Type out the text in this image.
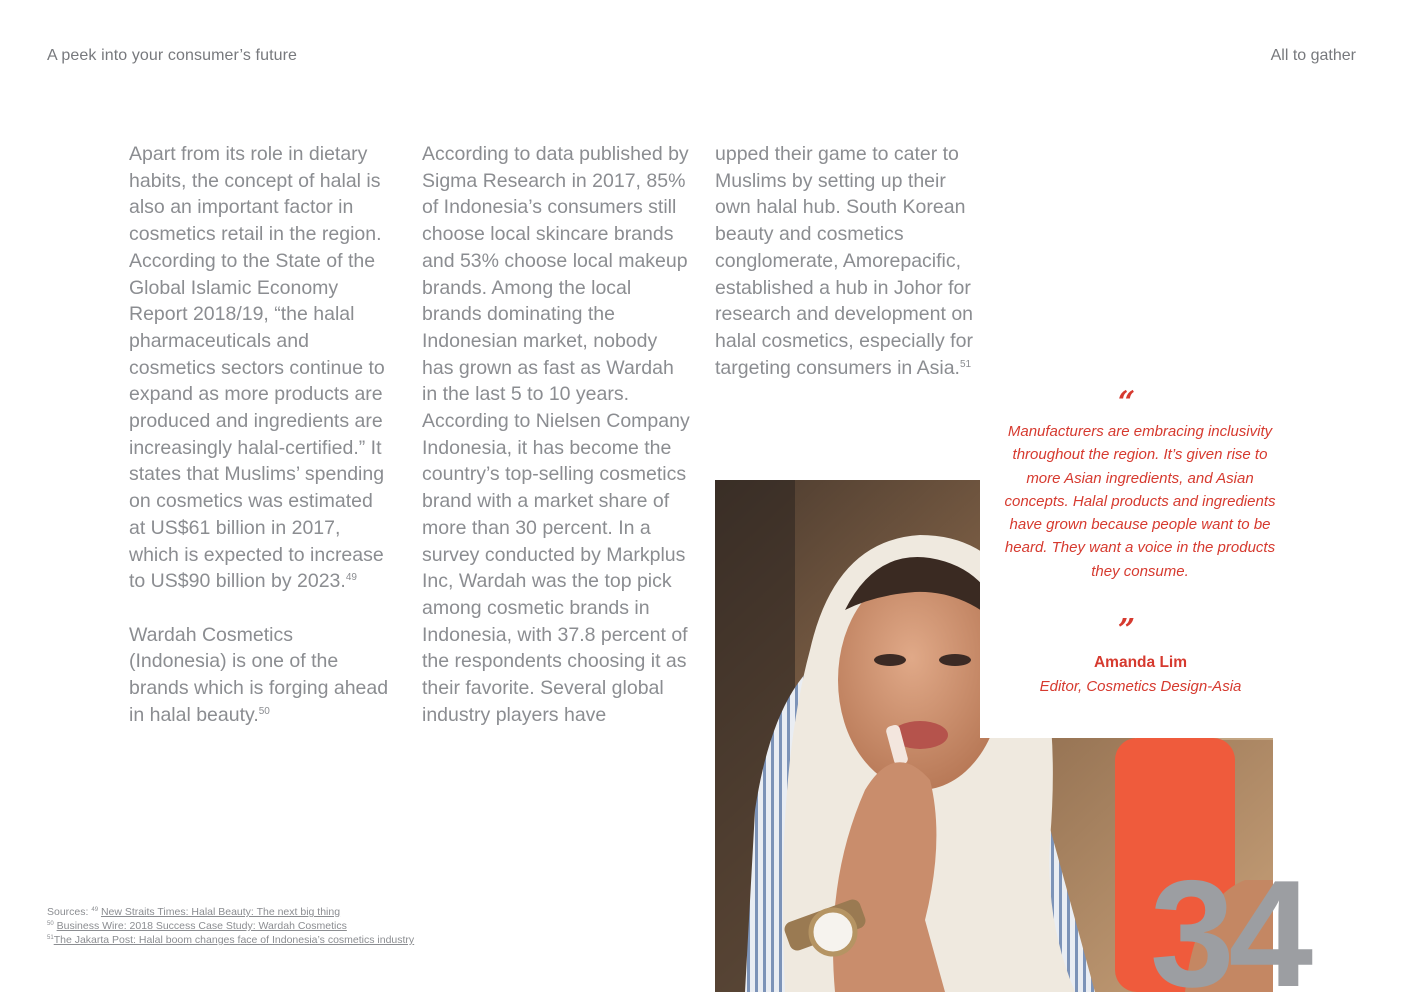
A peek into your consumer’s future	All to gather

Apart from its role in dietary habits, the concept of halal is also an important factor in cosmetics retail in the region. According to the State of the Global Islamic Economy Report 2018/19, “the halal pharmaceuticals and cosmetics sectors continue to expand as more products are produced and ingredients are increasingly halal-certified.” It states that Muslims’ spending on cosmetics was estimated at US$61 billion in 2017, which is expected to increase to US$90 billion by 2023.49

Wardah Cosmetics (Indonesia) is one of the brands which is forging ahead in halal beauty.$^{50}$

According to data published by Sigma Research in 2017, 85% of Indonesia’s consumers still choose local skincare brands and 53% choose local makeup brands. Among the local brands dominating the Indonesian market, nobody has grown as fast as Wardah in the last 5 to 10 years. According to Nielsen Company Indonesia, it has become the country’s top-selling cosmetics brand with a market share of more than 30 percent. In a survey conducted by Markplus Inc, Wardah was the top pick among cosmetic brands in Indonesia, with 37.8 percent of the respondents choosing it as their favorite. Several global industry players have

upped their game to cater to Muslims by setting up their own halal hub. South Korean beauty and cosmetics conglomerate, Amorepacific, established a hub in Johor for research and development on halal cosmetics, especially for targeting consumers in Asia.$^{51}$

“
Manufacturers are embracing inclusivity throughout the region. It’s given rise to more Asian ingredients, and Asian concepts. Halal products and ingredients have grown because people want to be heard. They want a voice in the products they consume.
”
Amanda Lim
Editor, Cosmetics Design-Asia
Sources: $^{49}$ New Straits Times: Halal Beauty: The next big thing
$^{50}$ Business Wire: 2018 Success Case Study: Wardah Cosmetics
$^{51}$The Jakarta Post: Halal boom changes face of Indonesia’s cosmetics industry	34
